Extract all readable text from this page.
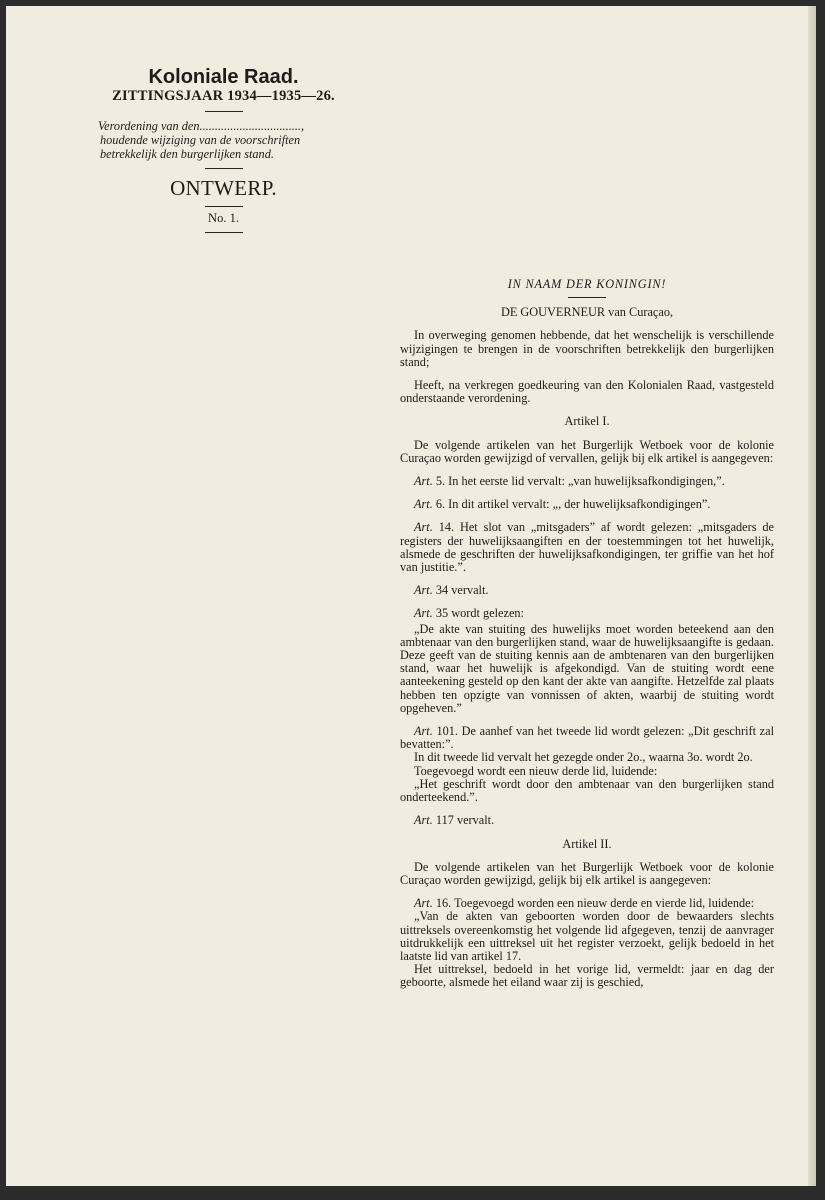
Koloniale Raad.
ZITTINGSJAAR 1934—1935—26.
Verordening van den.................................,
houdende wijziging van de voorschriften
betrekkelijk den burgerlijken stand.
ONTWERP.
No. 1.

IN NAAM DER KONINGIN!

DE GOUVERNEUR van Curaçao,

In overweging genomen hebbende, dat het wenschelijk is verschillende wijzigingen te brengen in de voorschriften betrekkelijk den burgerlijken stand;

Heeft, na verkregen goedkeuring van den Kolonialen Raad, vastgesteld onderstaande verordening.

Artikel I.

De volgende artikelen van het Burgerlijk Wetboek voor de kolonie Curaçao worden gewijzigd of vervallen, gelijk bij elk artikel is aangegeven:

Art. 5. In het eerste lid vervalt: „van huwelijksafkondigingen,”.

Art. 6. In dit artikel vervalt: „, der huwelijksafkondigingen”.

Art. 14. Het slot van „mitsgaders” af wordt gelezen: „mitsgaders de registers der huwelijksaangiften en der toestemmingen tot het huwelijk, alsmede de geschriften der huwelijksafkondigingen, ter griffie van het hof van justitie.”.

Art. 34 vervalt.

Art. 35 wordt gelezen:

„De akte van stuiting des huwelijks moet worden beteekend aan den ambtenaar van den burgerlijken stand, waar de huwelijksaangifte is gedaan. Deze geeft van de stuiting kennis aan de ambtenaren van den burgerlijken stand, waar het huwelijk is afgekondigd. Van de stuiting wordt eene aanteekening gesteld op den kant der akte van aangifte. Hetzelfde zal plaats hebben ten opzigte van vonnissen of akten, waarbij de stuiting wordt opgeheven.”

Art. 101. De aanhef van het tweede lid wordt gelezen: „Dit geschrift zal bevatten:”.

In dit tweede lid vervalt het gezegde onder 2o., waarna 3o. wordt 2o.

Toegevoegd wordt een nieuw derde lid, luidende:

„Het geschrift wordt door den ambtenaar van den burgerlijken stand onderteekend.”.

Art. 117 vervalt.

Artikel II.

De volgende artikelen van het Burgerlijk Wetboek voor de kolonie Curaçao worden gewijzigd, gelijk bij elk artikel is aangegeven:

Art. 16. Toegevoegd worden een nieuw derde en vierde lid, luidende:

„Van de akten van geboorten worden door de bewaarders slechts uittreksels overeenkomstig het volgende lid afgegeven, tenzij de aanvrager uitdrukkelijk een uittreksel uit het register verzoekt, gelijk bedoeld in het laatste lid van artikel 17.

Het uittreksel, bedoeld in het vorige lid, vermeldt: jaar en dag der geboorte, alsmede het eiland waar zij is geschied,
